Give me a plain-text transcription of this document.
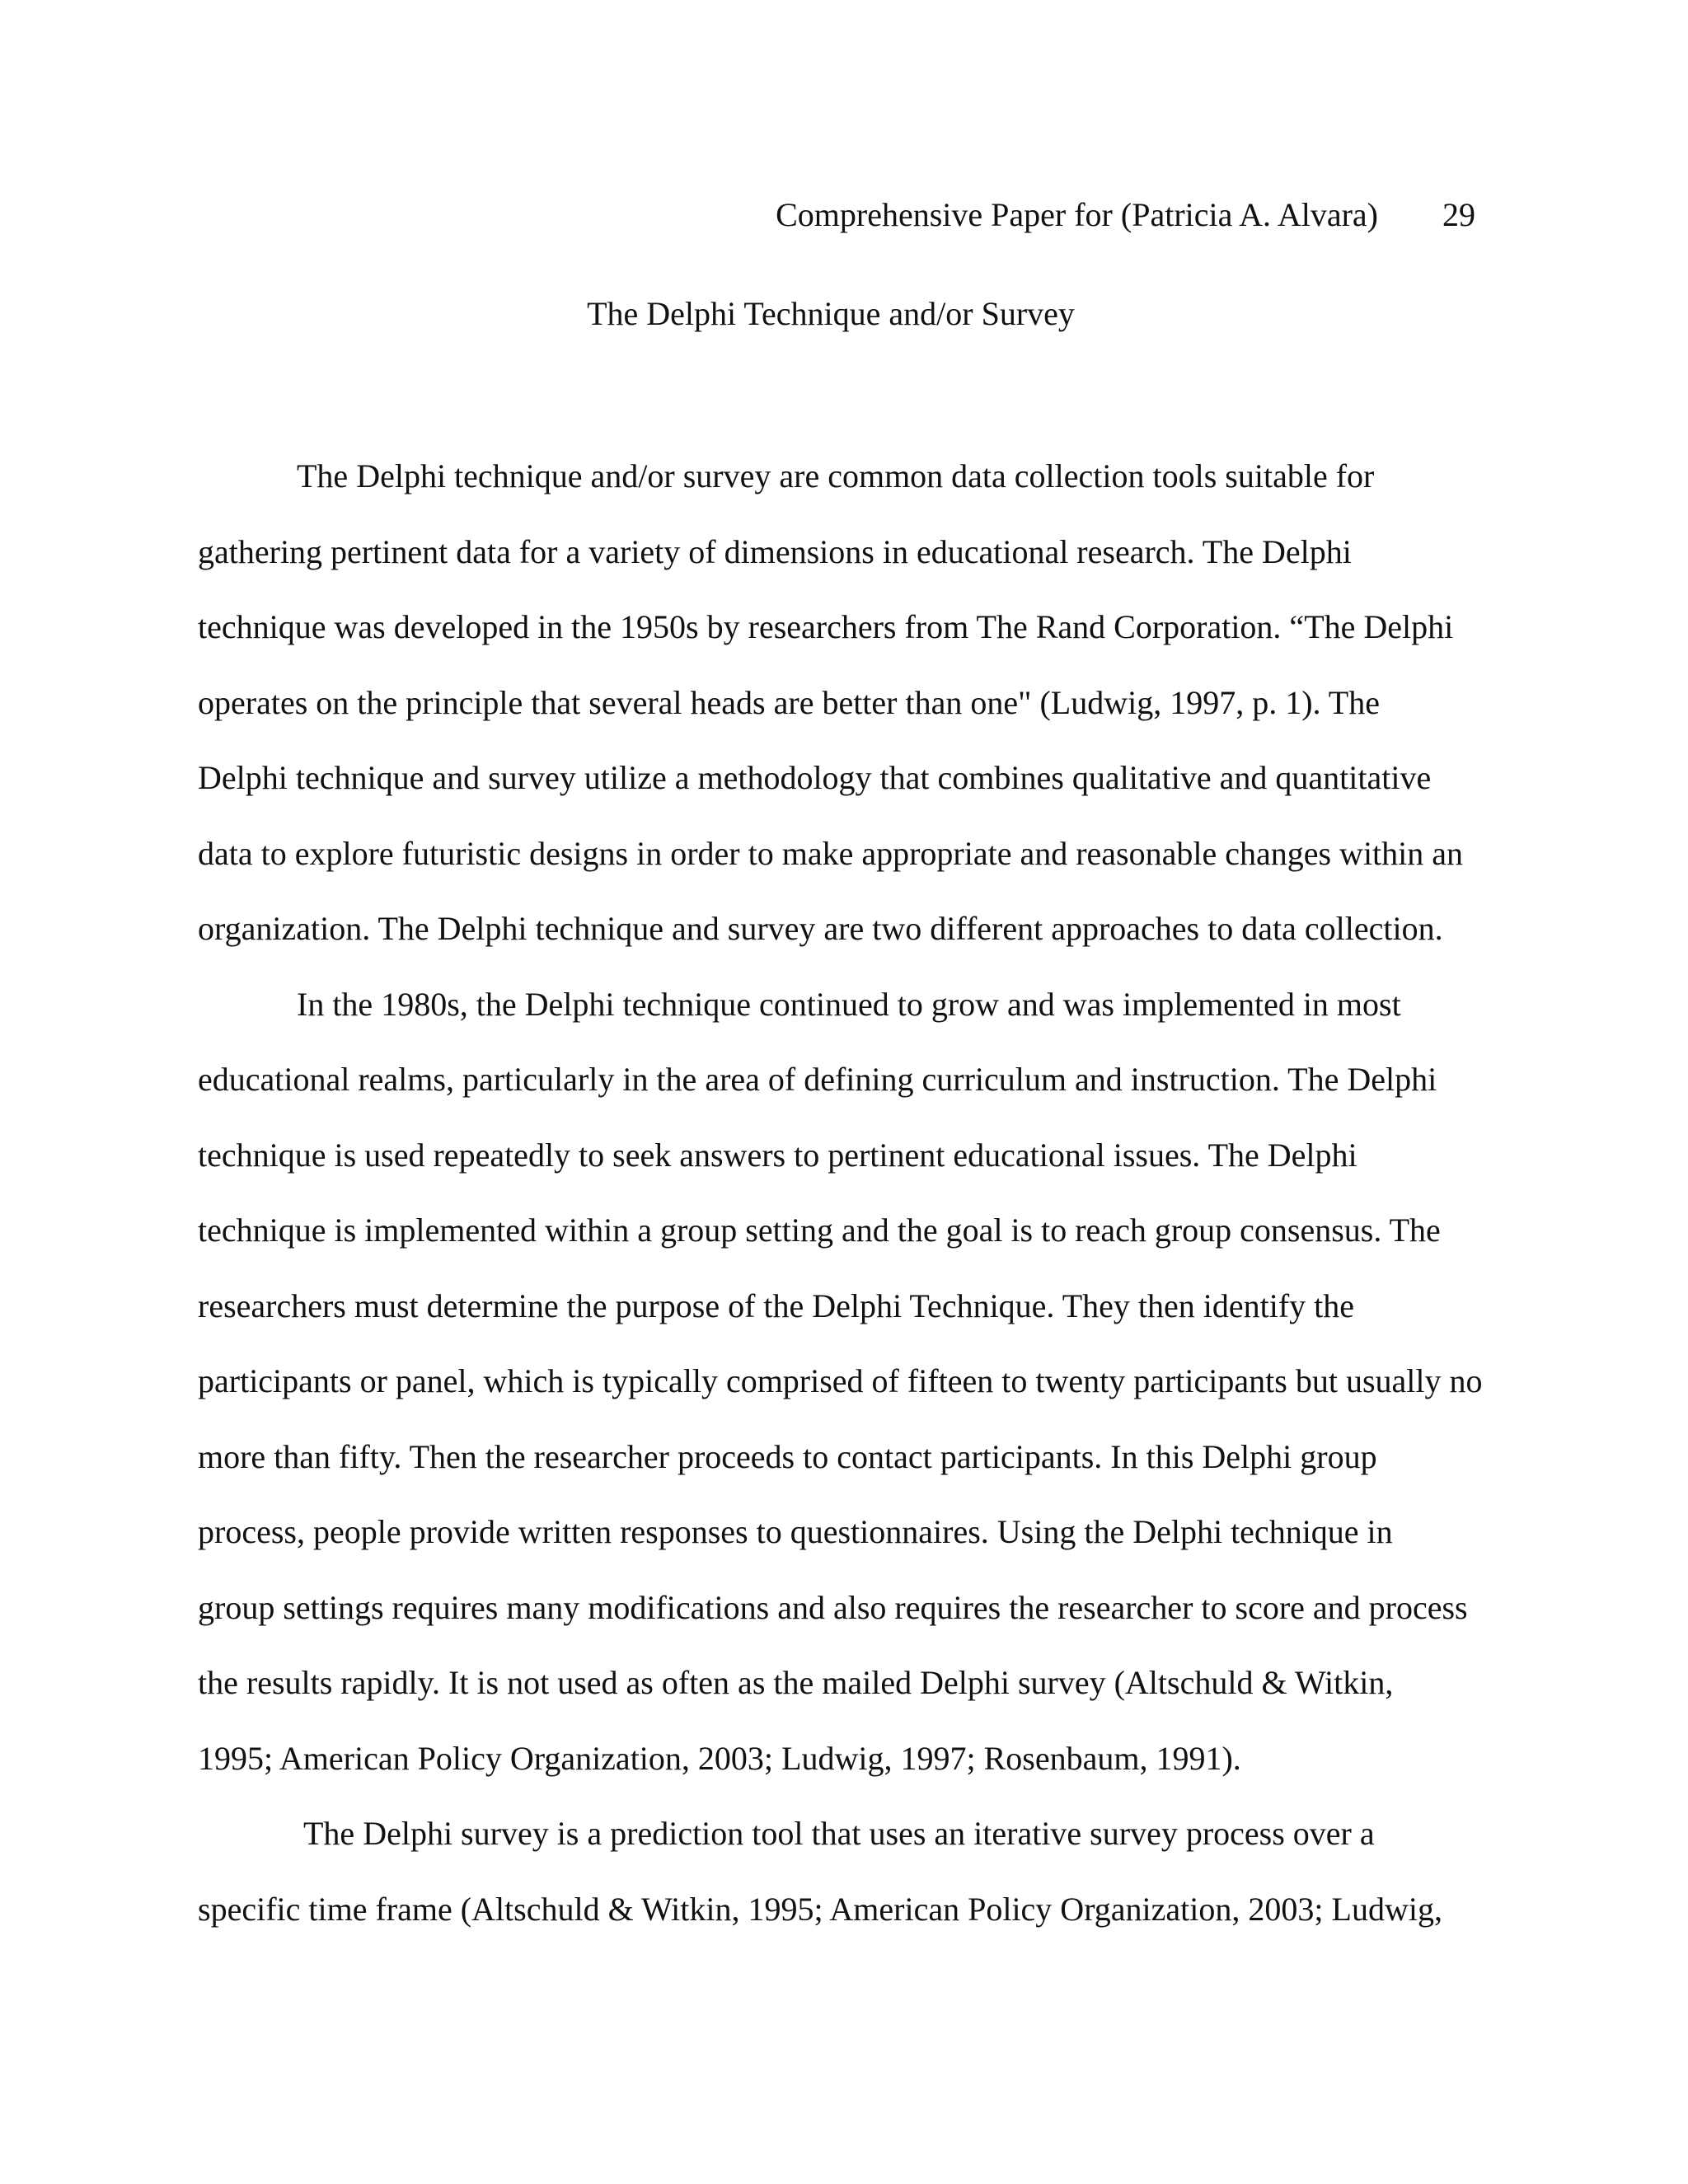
Comprehensive Paper for (Patricia A. Alvara) 29
The Delphi Technique and/or Survey
The Delphi technique and/or survey are common data collection tools suitable for
gathering pertinent data for a variety of dimensions in educational research. The Delphi
technique was developed in the 1950s by researchers from The Rand Corporation. “The Delphi
operates on the principle that several heads are better than one" (Ludwig, 1997, p. 1). The
Delphi technique and survey utilize a methodology that combines qualitative and quantitative
data to explore futuristic designs in order to make appropriate and reasonable changes within an
organization. The Delphi technique and survey are two different approaches to data collection.
In the 1980s, the Delphi technique continued to grow and was implemented in most
educational realms, particularly in the area of defining curriculum and instruction. The Delphi
technique is used repeatedly to seek answers to pertinent educational issues. The Delphi
technique is implemented within a group setting and the goal is to reach group consensus. The
researchers must determine the purpose of the Delphi Technique. They then identify the
participants or panel, which is typically comprised of fifteen to twenty participants but usually no
more than fifty. Then the researcher proceeds to contact participants. In this Delphi group
process, people provide written responses to questionnaires. Using the Delphi technique in
group settings requires many modifications and also requires the researcher to score and process
the results rapidly. It is not used as often as the mailed Delphi survey (Altschuld & Witkin,
1995; American Policy Organization, 2003; Ludwig, 1997; Rosenbaum, 1991).
The Delphi survey is a prediction tool that uses an iterative survey process over a
specific time frame (Altschuld & Witkin, 1995; American Policy Organization, 2003; Ludwig,
